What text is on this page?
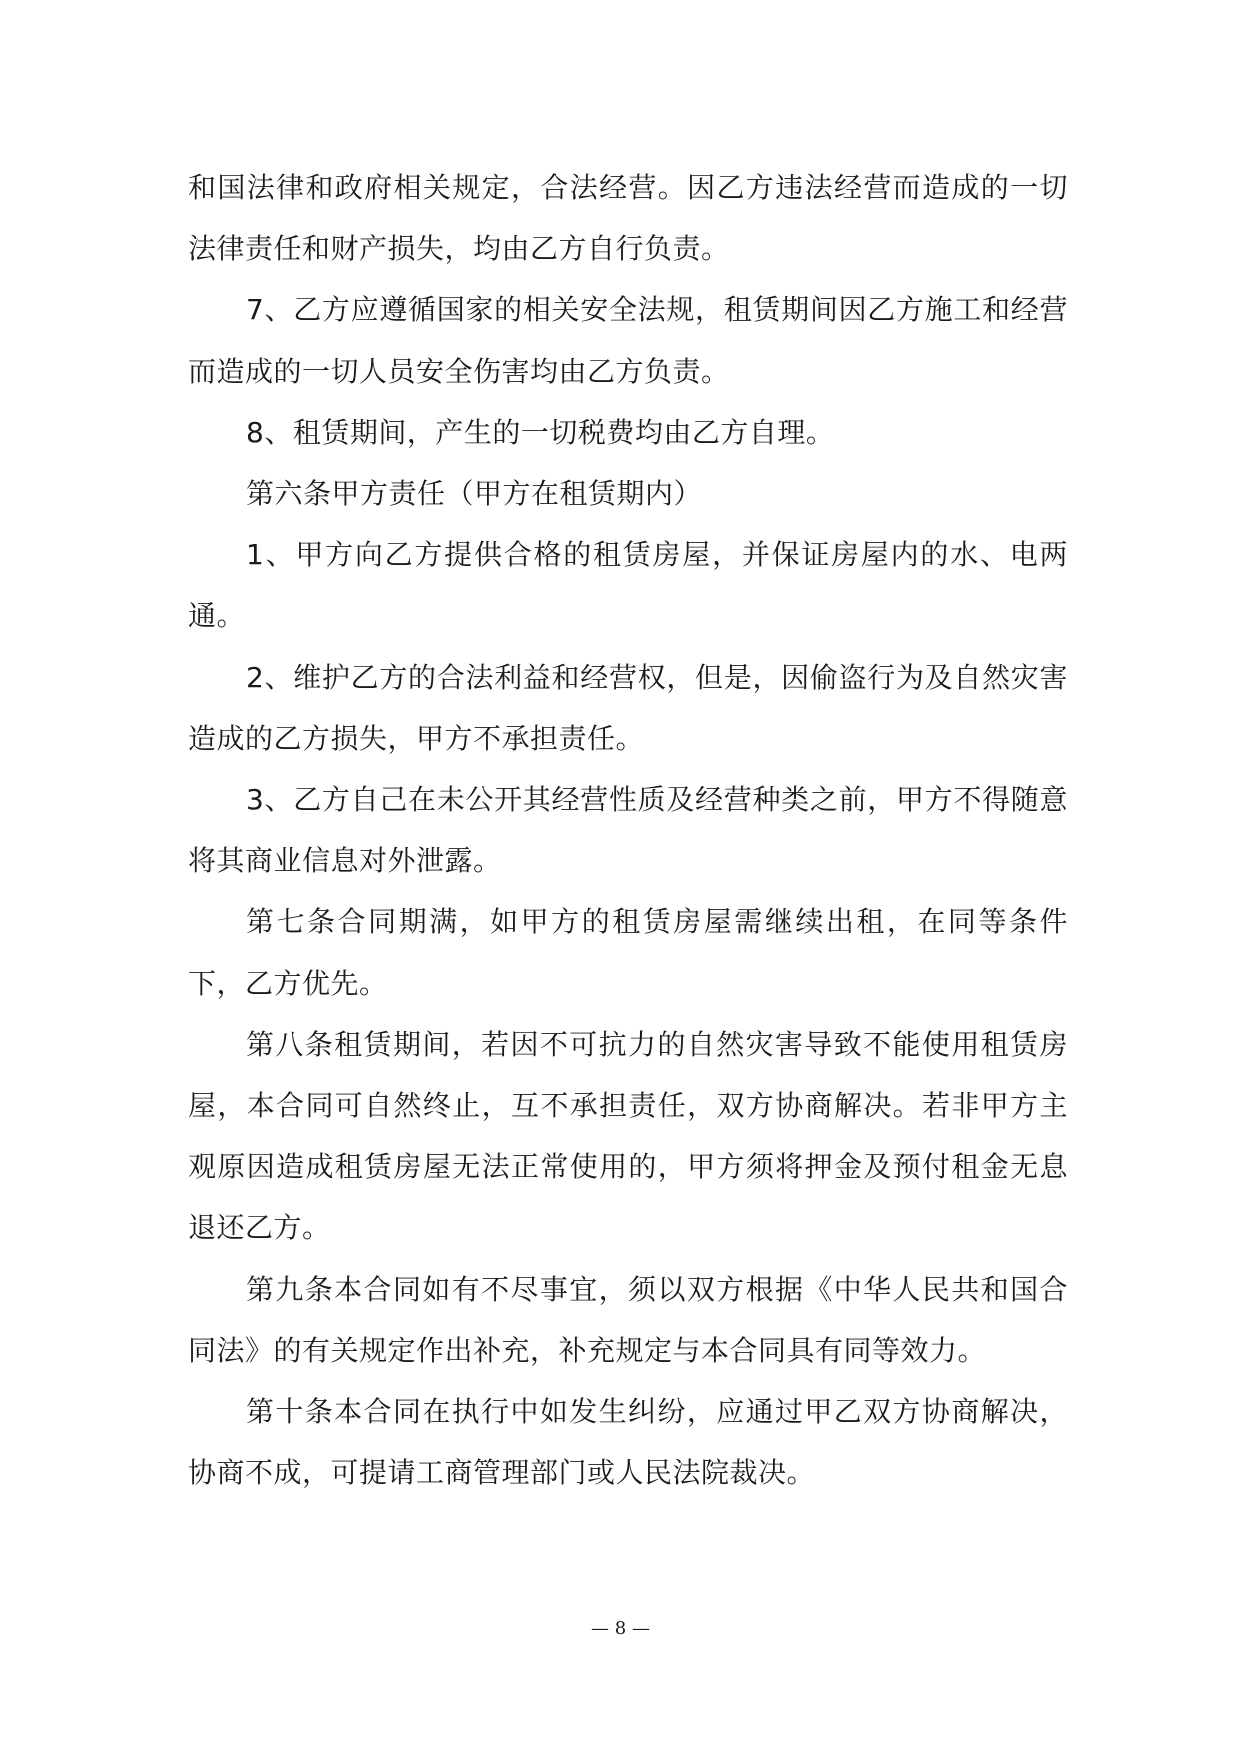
和国法律和政府相关规定，合法经营。因乙方违法经营而造成的一切法律责任和财产损失，均由乙方自行负责。

7、乙方应遵循国家的相关安全法规，租赁期间因乙方施工和经营而造成的一切人员安全伤害均由乙方负责。

8、租赁期间，产生的一切税费均由乙方自理。

第六条甲方责任（甲方在租赁期内）

1、甲方向乙方提供合格的租赁房屋，并保证房屋内的水、电两通。

2、维护乙方的合法利益和经营权，但是，因偷盗行为及自然灾害造成的乙方损失，甲方不承担责任。

3、乙方自己在未公开其经营性质及经营种类之前，甲方不得随意将其商业信息对外泄露。

第七条合同期满，如甲方的租赁房屋需继续出租，在同等条件下，乙方优先。

第八条租赁期间，若因不可抗力的自然灾害导致不能使用租赁房屋，本合同可自然终止，互不承担责任，双方协商解决。若非甲方主观原因造成租赁房屋无法正常使用的，甲方须将押金及预付租金无息退还乙方。

第九条本合同如有不尽事宜，须以双方根据《中华人民共和国合同法》的有关规定作出补充，补充规定与本合同具有同等效力。

第十条本合同在执行中如发生纠纷，应通过甲乙双方协商解决，协商不成，可提请工商管理部门或人民法院裁决。

— 8 —
